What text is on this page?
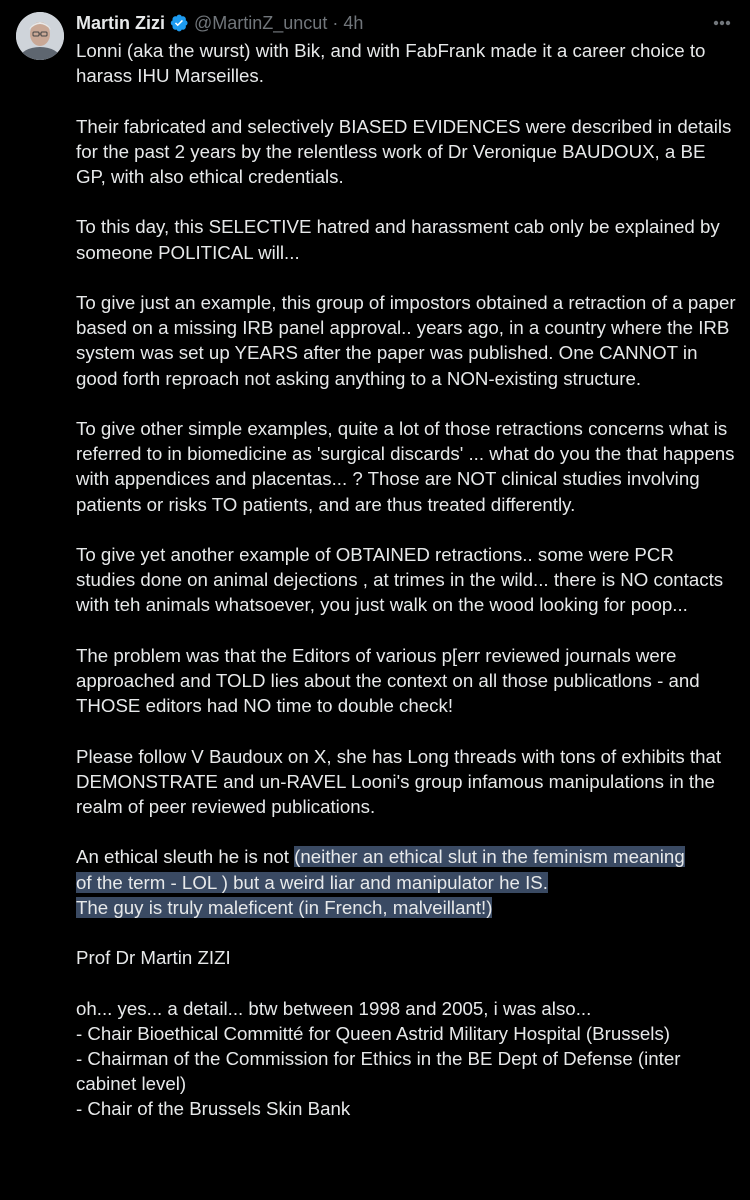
Martin Zizi @MartinZ_uncut · 4h

Lonni (aka the wurst) with Bik, and with FabFrank made it a career choice to harass IHU Marseilles.

Their fabricated and selectively BIASED EVIDENCES were described in details for the past 2 years by the relentless work of Dr Veronique BAUDOUX, a BE GP, with also ethical credentials.

To this day, this SELECTIVE hatred and harassment cab only be explained by someone POLITICAL will...

To give just an example, this group of impostors obtained a retraction of a paper based on a missing IRB panel approval.. years ago, in a country where the IRB system was set up YEARS after the paper was published. One CANNOT in good forth reproach not asking anything to a NON-existing structure.

To give other simple examples, quite a lot of those retractions concerns what is referred to in biomedicine as 'surgical discards' ... what do you the that happens with appendices and placentas... ? Those are NOT clinical studies involving patients or risks TO patients, and are thus treated differently.

To give yet another example of OBTAINED retractions.. some were PCR studies done on animal dejections , at trimes in the wild... there is NO contacts with teh animals whatsoever, you just walk on the wood looking for poop...

The problem was that the Editors of various p[err reviewed journals were approached and TOLD lies about the context on all those publicatlons - and THOSE editors had NO time to double check!

Please follow V Baudoux on X, she has Long threads with tons of exhibits that DEMONSTRATE and un-RAVEL Looni's group infamous manipulations in the realm of peer reviewed publications.

An ethical sleuth he is not (neither an ethical slut in the feminism meaning
of the term - LOL ) but a weird liar and manipulator he IS.
The guy is truly maleficent (in French, malveillant!)

Prof Dr Martin ZIZI

oh... yes... a detail... btw between 1998 and 2005, i was also...

- Chair Bioethical Committé for Queen Astrid Military Hospital (Brussels)
- Chairman of the Commission for Ethics in the BE Dept of Defense (inter cabinet level)
- Chair of the Brussels Skin Bank
